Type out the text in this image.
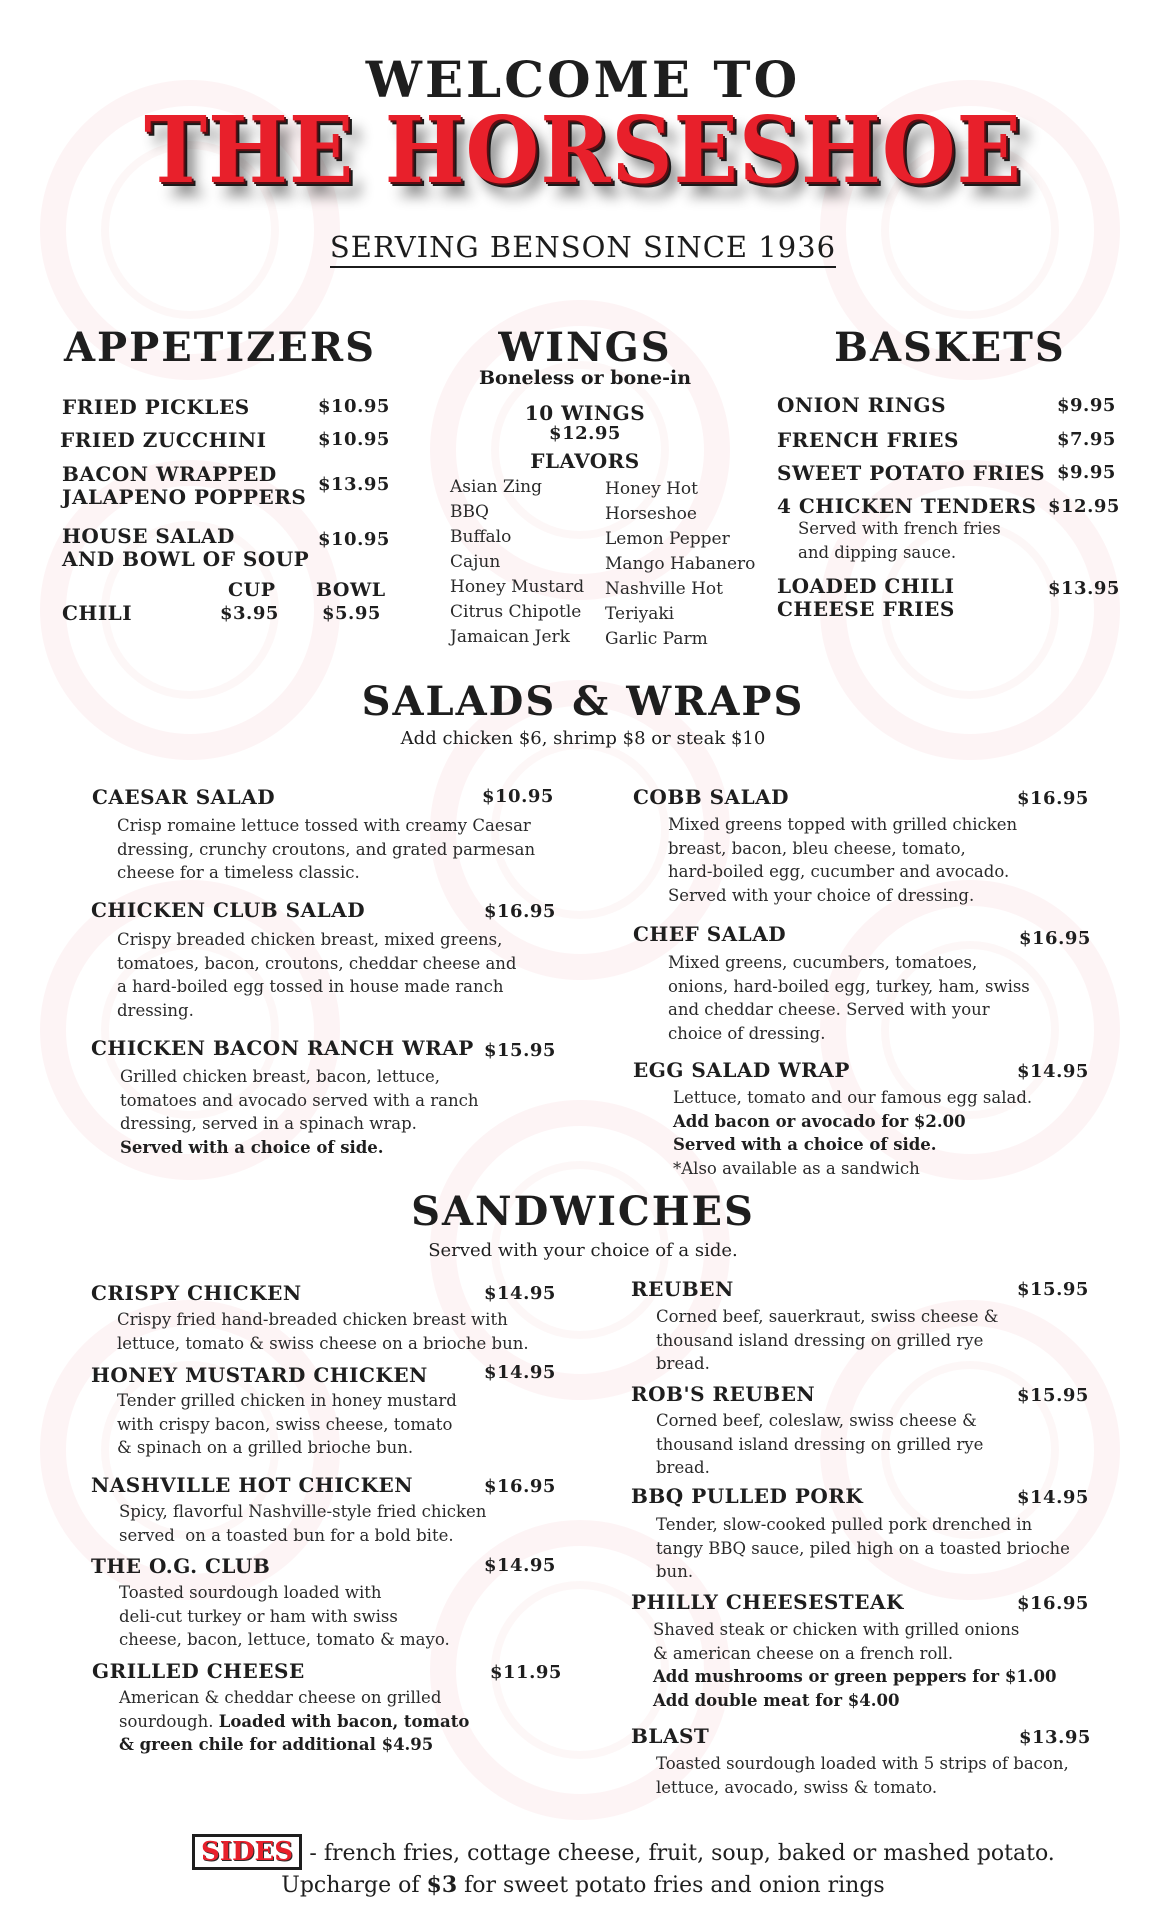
WELCOME TO
THE HORSESHOE
SERVING BENSON SINCE 1936
APPETIZERS
FRIED PICKLES	$10.95
FRIED ZUCCHINI	$10.95
BACON WRAPPED
JALAPENO POPPERS
$13.95
HOUSE SALAD
AND BOWL OF SOUP
$10.95
CUP BOWL
CHILI	$3.95 $5.95
WINGS
Boneless or bone-in
10 WINGS
$12.95
FLAVORS
Asian Zing
BBQ
Buffalo
Cajun
Honey Mustard
Citrus Chipotle
Jamaican Jerk
Honey Hot
Horseshoe
Lemon Pepper
Mango Habanero
Nashville Hot
Teriyaki
Garlic Parm
BASKETS
ONION RINGS	$9.95
FRENCH FRIES	$7.95
SWEET POTATO FRIES $9.95
4 CHICKEN TENDERS $12.95
Served with french fries
and dipping sauce.
LOADED CHILI
CHEESE FRIES
$13.95
SALADS & WRAPS
Add chicken $6, shrimp $8 or steak $10
CAESAR SALAD	$10.95
Crisp romaine lettuce tossed with creamy Caesar
dressing, crunchy croutons, and grated parmesan
cheese for a timeless classic.
CHICKEN CLUB SALAD	$16.95
Crispy breaded chicken breast, mixed greens,
tomatoes, bacon, croutons, cheddar cheese and
a hard-boiled egg tossed in house made ranch
dressing.
CHICKEN BACON RANCH WRAP $15.95
Grilled chicken breast, bacon, lettuce,
tomatoes and avocado served with a ranch
dressing, served in a spinach wrap.
Served with a choice of side.
COBB SALAD	$16.95
Mixed greens topped with grilled chicken
breast, bacon, bleu cheese, tomato,
hard-boiled egg, cucumber and avocado.
Served with your choice of dressing.
CHEF SALAD	$16.95
Mixed greens, cucumbers, tomatoes,
onions, hard-boiled egg, turkey, ham, swiss
and cheddar cheese. Served with your
choice of dressing.
EGG SALAD WRAP	$14.95
Lettuce, tomato and our famous egg salad.
Add bacon or avocado for $2.00
Served with a choice of side.
*Also available as a sandwich
SANDWICHES
Served with your choice of a side.
CRISPY CHICKEN	$14.95
Crispy fried hand-breaded chicken breast with
lettuce, tomato & swiss cheese on a brioche bun.
HONEY MUSTARD CHICKEN	$14.95
Tender grilled chicken in honey mustard
with crispy bacon, swiss cheese, tomato
& spinach on a grilled brioche bun.
NASHVILLE HOT CHICKEN	$16.95
Spicy, flavorful Nashville-style fried chicken
served  on a toasted bun for a bold bite.
THE O.G. CLUB	$14.95
Toasted sourdough loaded with
deli-cut turkey or ham with swiss
cheese, bacon, lettuce, tomato & mayo.
GRILLED CHEESE	$11.95
American & cheddar cheese on grilled
sourdough. Loaded with bacon, tomato
& green chile for additional $4.95
REUBEN	$15.95
Corned beef, sauerkraut, swiss cheese &
thousand island dressing on grilled rye
bread.
ROB'S REUBEN	$15.95
Corned beef, coleslaw, swiss cheese &
thousand island dressing on grilled rye
bread.
BBQ PULLED PORK	$14.95
Tender, slow-cooked pulled pork drenched in
tangy BBQ sauce, piled high on a toasted brioche
bun.
PHILLY CHEESESTEAK	$16.95
Shaved steak or chicken with grilled onions
& american cheese on a french roll.
Add mushrooms or green peppers for $1.00
Add double meat for $4.00
BLAST	$13.95
Toasted sourdough loaded with 5 strips of bacon,
lettuce, avocado, swiss & tomato.
SIDES - french fries, cottage cheese, fruit, soup, baked or mashed potato.
Upcharge of $3 for sweet potato fries and onion rings
